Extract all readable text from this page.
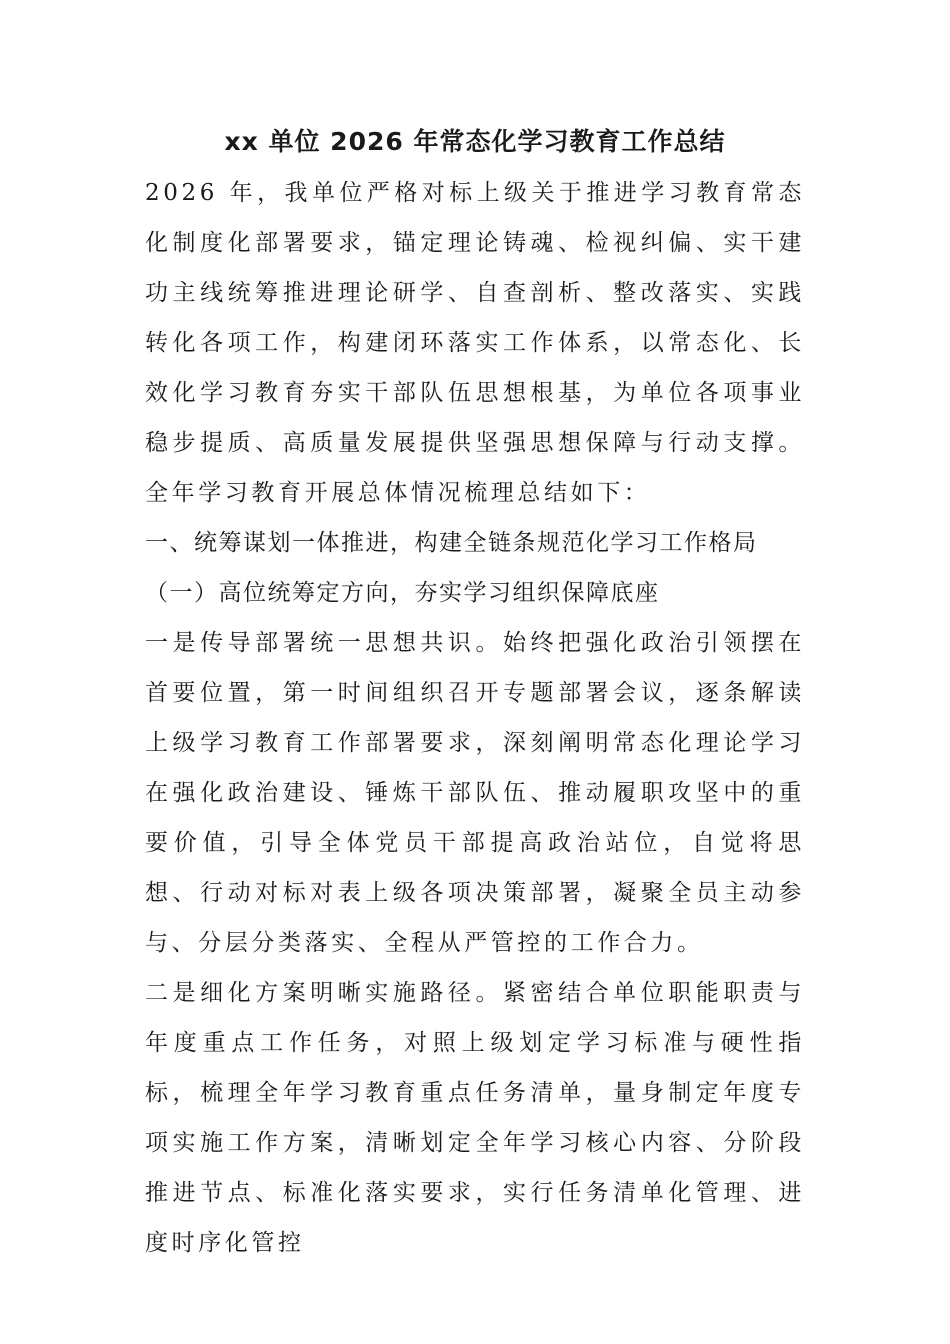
xx 单位 2026 年常态化学习教育工作总结

2026 年，我单位严格对标上级关于推进学习教育常态化制度化部署要求，锚定理论铸魂、检视纠偏、实干建功主线统筹推进理论研学、自查剖析、整改落实、实践转化各项工作，构建闭环落实工作体系，以常态化、长效化学习教育夯实干部队伍思想根基，为单位各项事业稳步提质、高质量发展提供坚强思想保障与行动支撑。全年学习教育开展总体情况梳理总结如下：

一、统筹谋划一体推进，构建全链条规范化学习工作格局

（一）高位统筹定方向，夯实学习组织保障底座

一是传导部署统一思想共识。始终把强化政治引领摆在首要位置，第一时间组织召开专题部署会议，逐条解读上级学习教育工作部署要求，深刻阐明常态化理论学习在强化政治建设、锤炼干部队伍、推动履职攻坚中的重要价值，引导全体党员干部提高政治站位，自觉将思想、行动对标对表上级各项决策部署，凝聚全员主动参与、分层分类落实、全程从严管控的工作合力。

二是细化方案明晰实施路径。紧密结合单位职能职责与年度重点工作任务，对照上级划定学习标准与硬性指标，梳理全年学习教育重点任务清单，量身制定年度专项实施工作方案，清晰划定全年学习核心内容、分阶段推进节点、标准化落实要求，实行任务清单化管理、进度时序化管控
